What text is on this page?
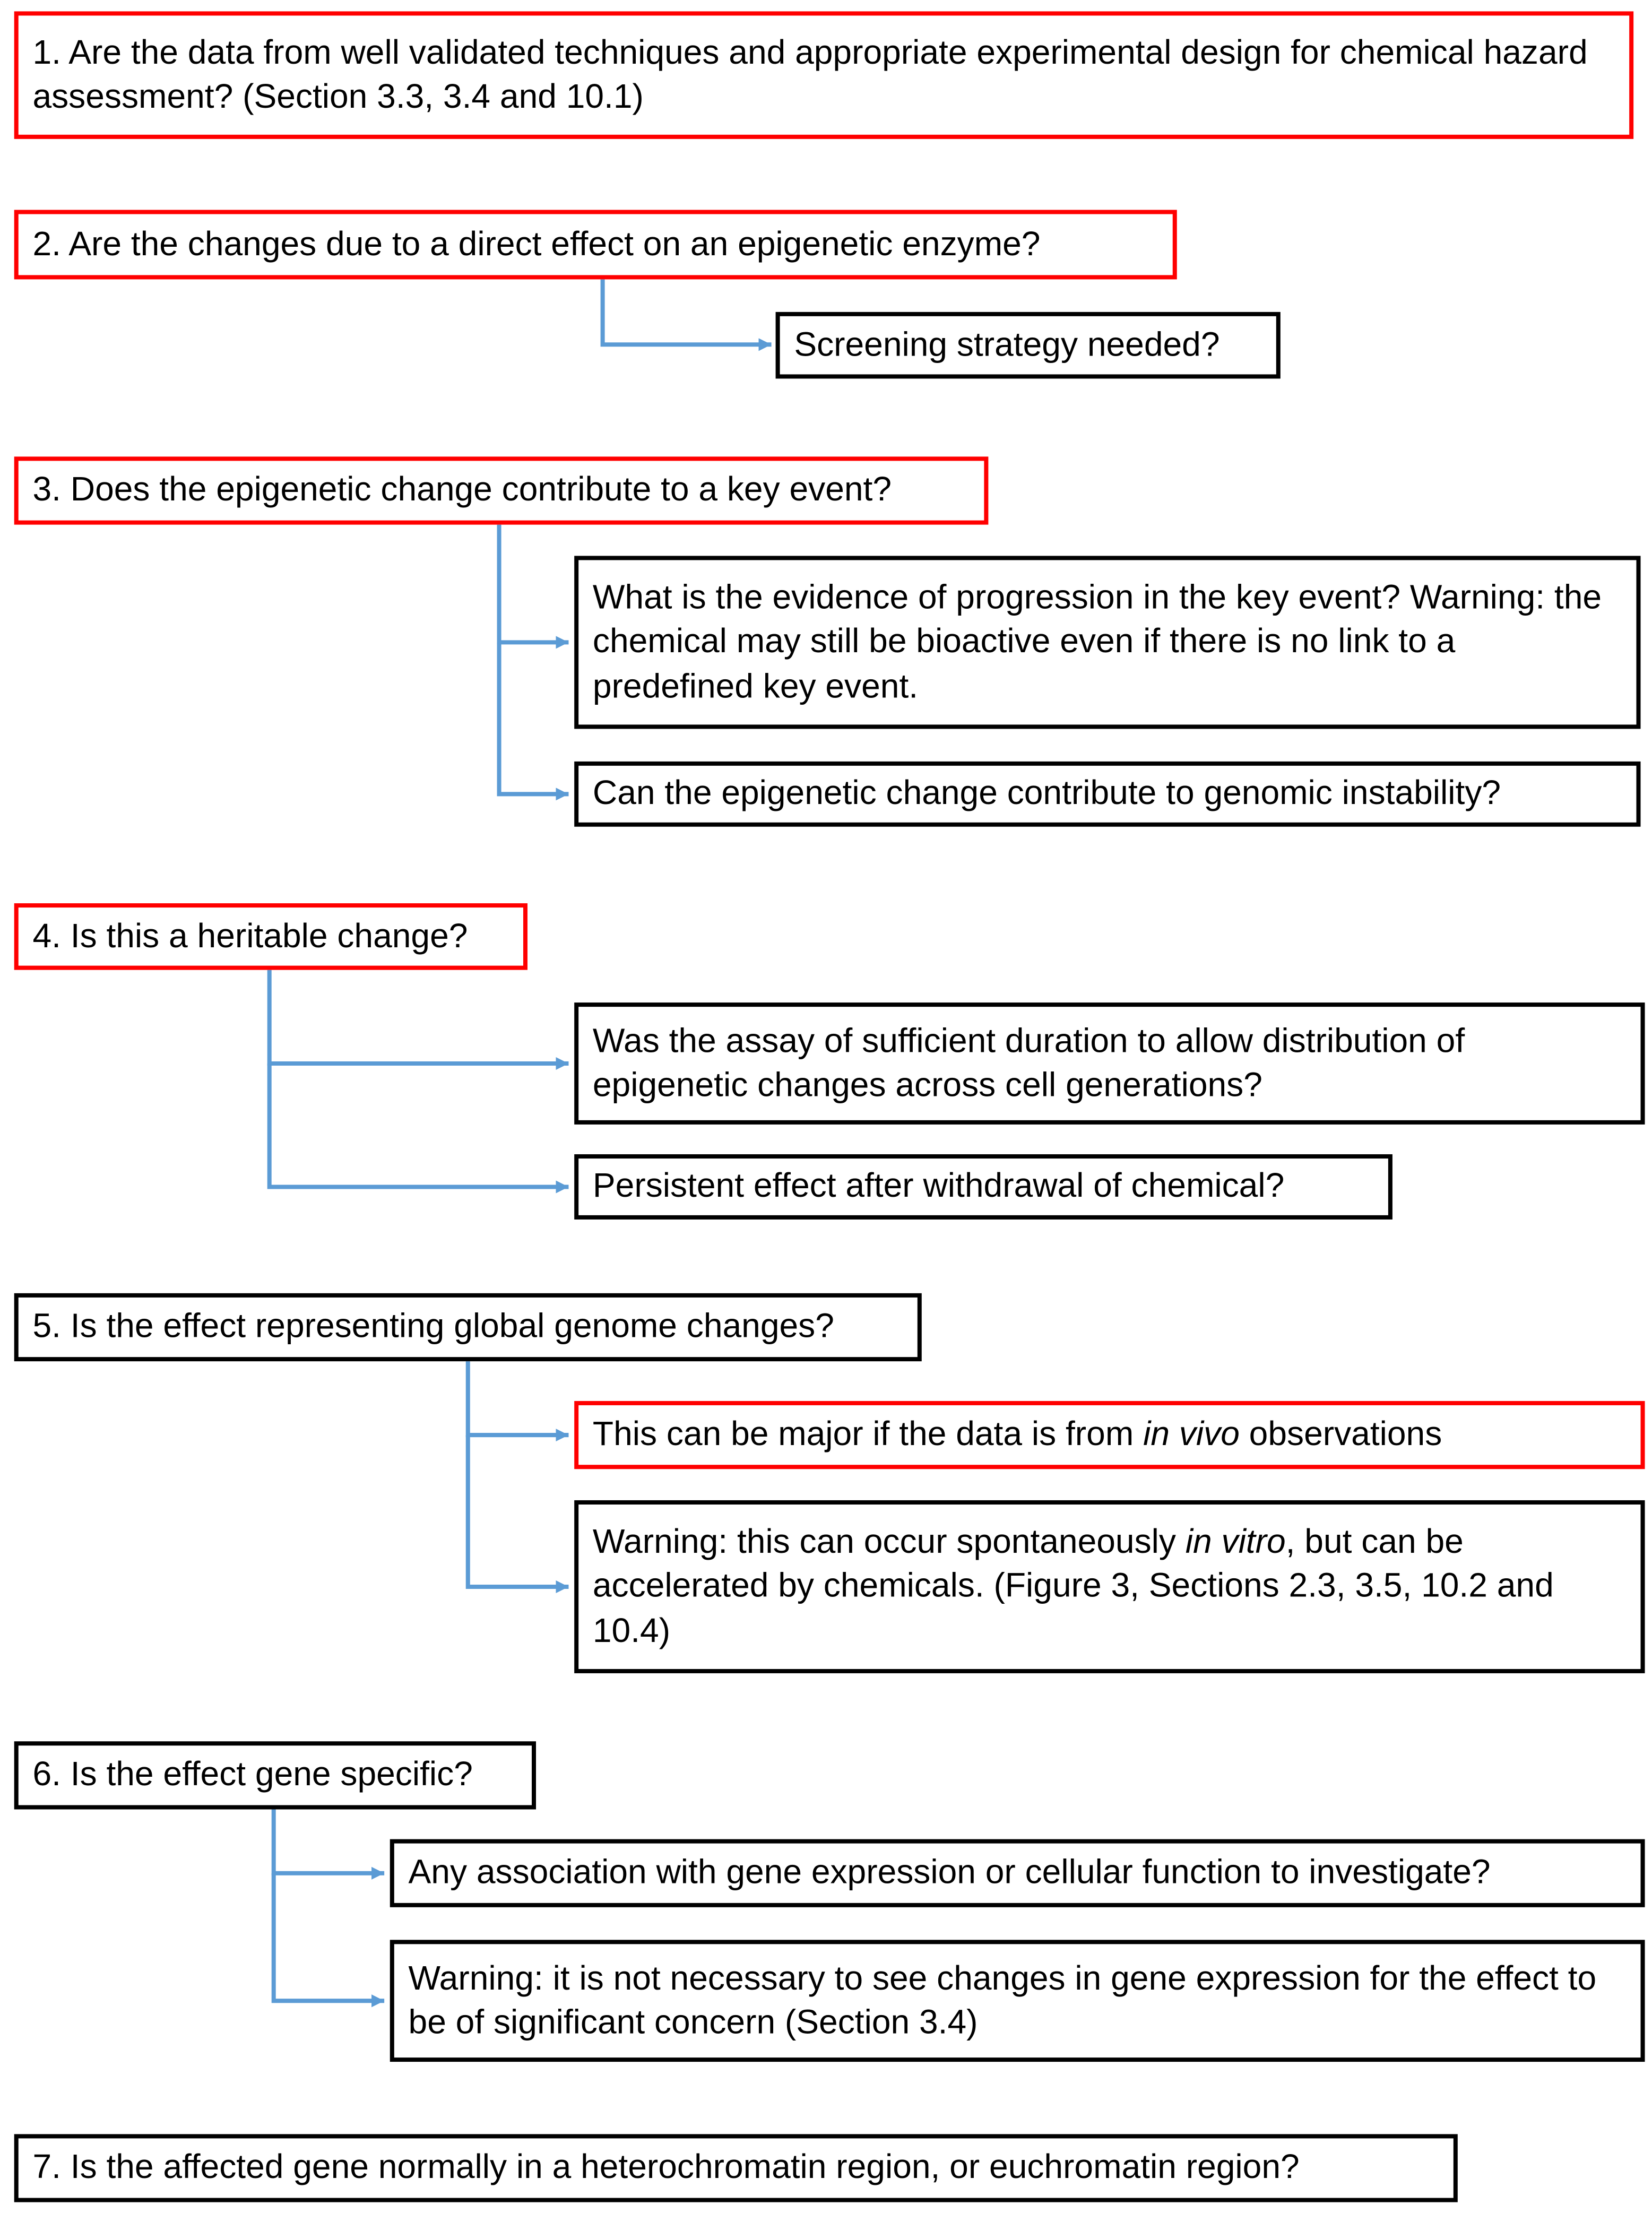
1. Are the data from well validated techniques and appropriate experimental design for chemical hazard assessment? (Section 3.3, 3.4 and 10.1)
2. Are the changes due to a direct effect on an epigenetic enzyme?
Screening strategy needed?
3. Does the epigenetic change contribute to a key event?
What is the evidence of progression in the key event? Warning: the chemical may still be bioactive even if there is no link to a predefined key event.
Can the epigenetic change contribute to genomic instability?
4. Is this a heritable change?
Was the assay of sufficient duration to allow distribution of epigenetic changes across cell generations?
Persistent effect after withdrawal of chemical?
5. Is the effect representing global genome changes?
This can be major if the data is from in vivo observations
Warning: this can occur spontaneously in vitro, but can be accelerated by chemicals. (Figure 3, Sections 2.3, 3.5, 10.2 and 10.4)
6. Is the effect gene specific?
Any association with gene expression or cellular function to investigate?
Warning: it is not necessary to see changes in gene expression for the effect to be of significant concern (Section 3.4)
7. Is the affected gene normally in a heterochromatin region, or euchromatin region?
